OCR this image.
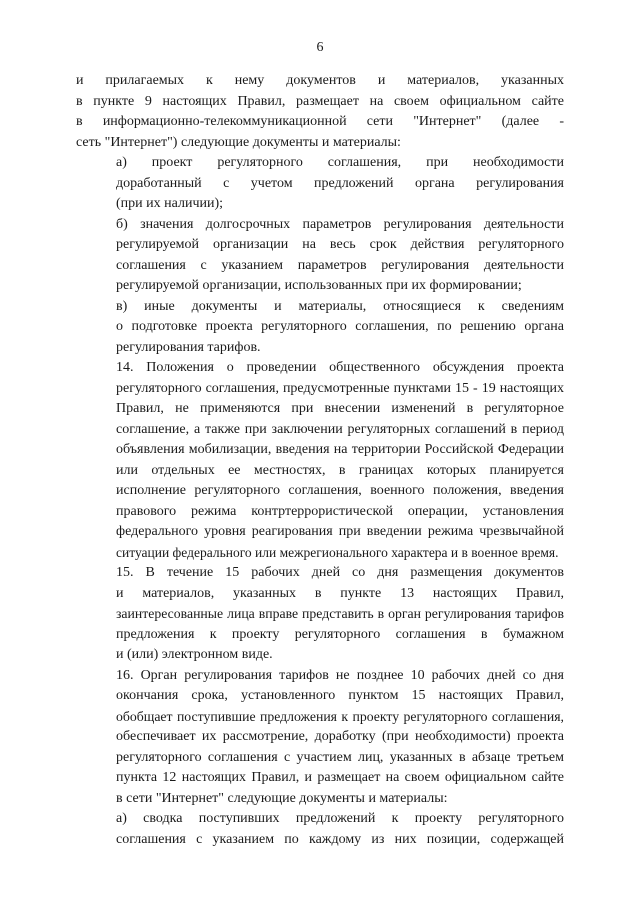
6

и прилагаемых к нему документов и материалов, указанных
в пункте 9 настоящих Правил, размещает на своем официальном сайте
в информационно-телекоммуникационной сети "Интернет" (далее -
сеть "Интернет") следующие документы и материалы:

а) проект регуляторного соглашения, при необходимости
доработанный с учетом предложений органа регулирования
(при их наличии);

б) значения долгосрочных параметров регулирования деятельности
регулируемой организации на весь срок действия регуляторного
соглашения с указанием параметров регулирования деятельности
регулируемой организации, использованных при их формировании;

в) иные документы и материалы, относящиеся к сведениям
о подготовке проекта регуляторного соглашения, по решению органа
регулирования тарифов.

14. Положения о проведении общественного обсуждения проекта
регуляторного соглашения, предусмотренные пунктами 15 - 19 настоящих
Правил, не применяются при внесении изменений в регуляторное
соглашение, а также при заключении регуляторных соглашений в период
объявления мобилизации, введения на территории Российской Федерации
или отдельных ее местностях, в границах которых планируется
исполнение регуляторного соглашения, военного положения, введения
правового режима контртеррористической операции, установления
федерального уровня реагирования при введении режима чрезвычайной
ситуации федерального или межрегионального характера и в военное время.

15. В течение 15 рабочих дней со дня размещения документов
и материалов, указанных в пункте 13 настоящих Правил,
заинтересованные лица вправе представить в орган регулирования тарифов
предложения к проекту регуляторного соглашения в бумажном
и (или) электронном виде.

16. Орган регулирования тарифов не позднее 10 рабочих дней со дня
окончания срока, установленного пунктом 15 настоящих Правил,
обобщает поступившие предложения к проекту регуляторного соглашения,
обеспечивает их рассмотрение, доработку (при необходимости) проекта
регуляторного соглашения с участием лиц, указанных в абзаце третьем
пункта 12 настоящих Правил, и размещает на своем официальном сайте
в сети "Интернет" следующие документы и материалы:

а) сводка поступивших предложений к проекту регуляторного
соглашения с указанием по каждому из них позиции, содержащей
